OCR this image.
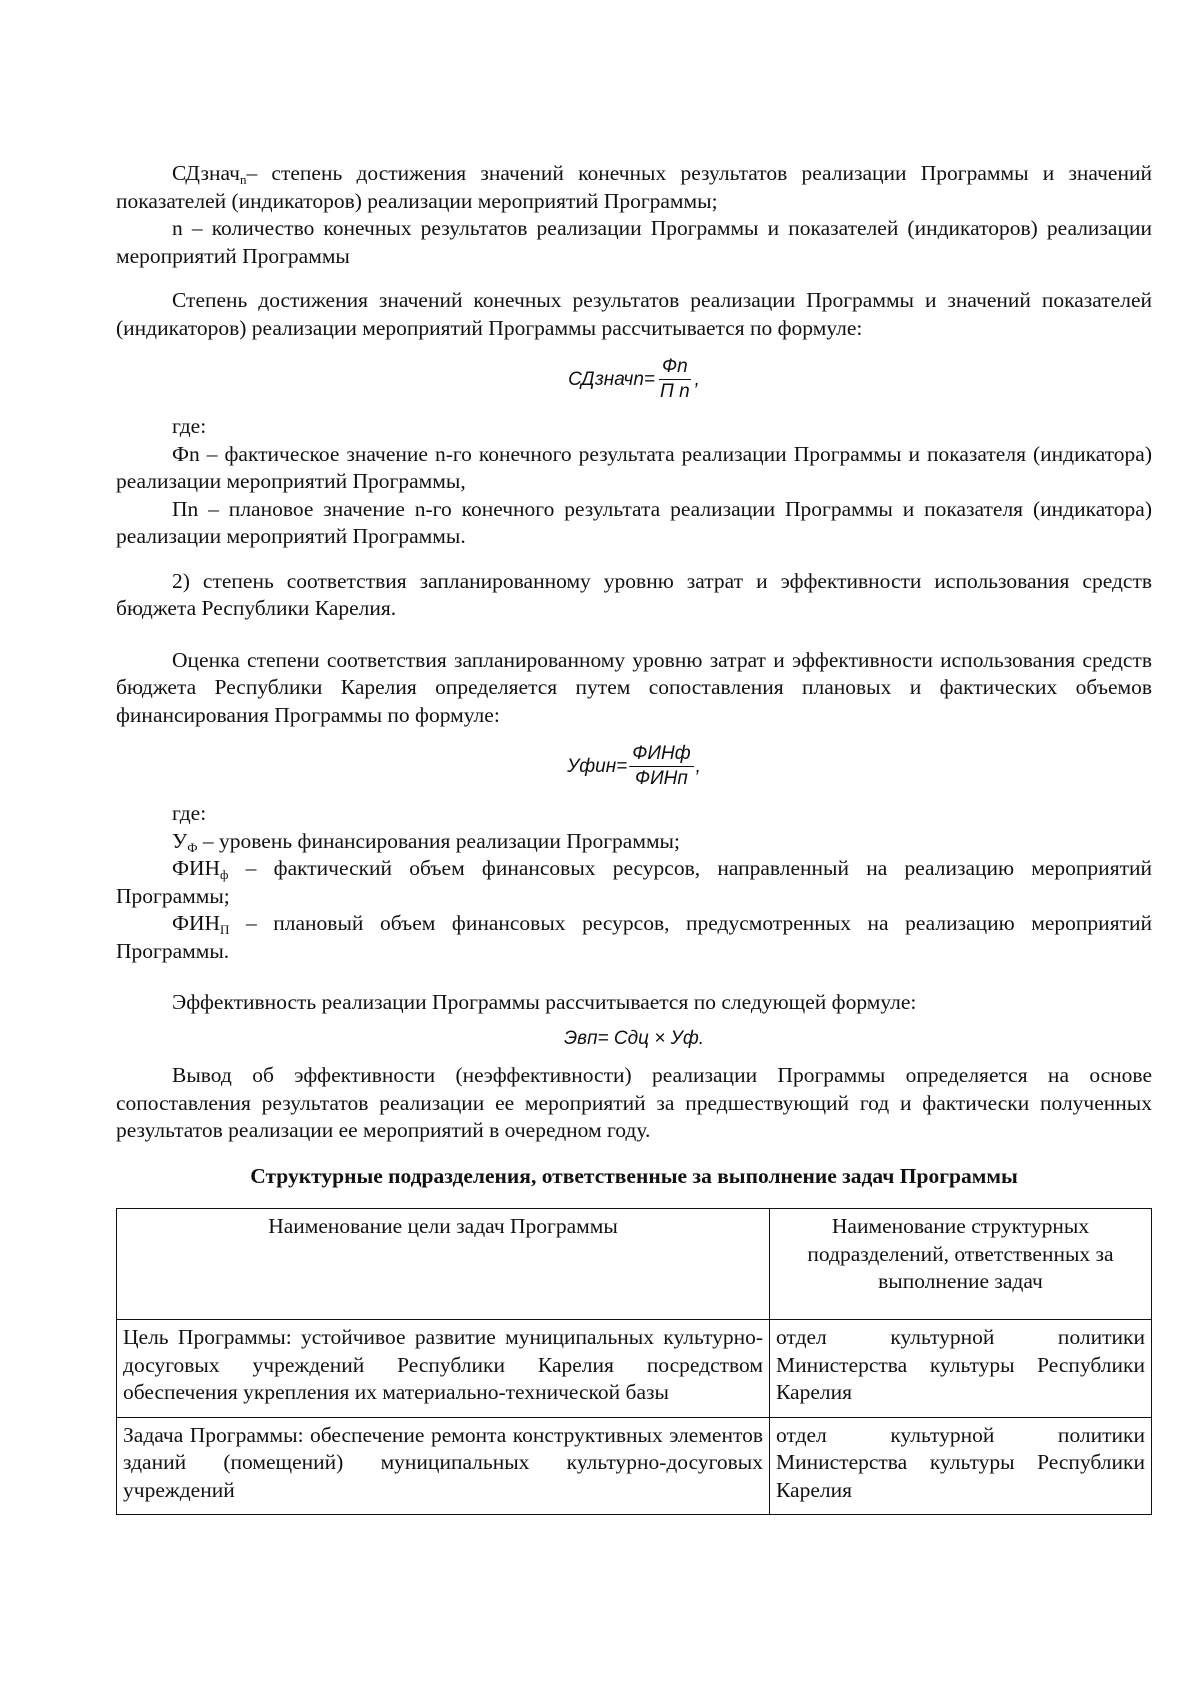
СДзнач$_n$– степень достижения значений конечных результатов реализации Программы и значений показателей (индикаторов) реализации мероприятий Программы;

n – количество конечных результатов реализации Программы и показателей (индикаторов) реализации мероприятий Программы

Степень достижения значений конечных результатов реализации Программы и значений показателей (индикаторов) реализации мероприятий Программы рассчитывается по формуле:

СДзначn= $\frac{Фn}{\text{П n}}$ ,

где:

Фn – фактическое значение n-го конечного результата реализации Программы и показателя (индикатора) реализации мероприятий Программы,

Пn – плановое значение n-го конечного результата реализации Программы и показателя (индикатора) реализации мероприятий Программы.

2) степень соответствия запланированному уровню затрат и эффективности использования средств бюджета Республики Карелия.

Оценка степени соответствия запланированному уровню затрат и эффективности использования средств бюджета Республики Карелия определяется путем сопоставления плановых и фактических объемов финансирования Программы по формуле:

Уфин= $\frac{\text{ФИНф}}{\text{ФИНп}}$ ,

где:

$У_Ф$ – уровень финансирования реализации Программы;

$ФИН_ф$ – фактический объем финансовых ресурсов, направленный на реализацию мероприятий Программы;

$ФИН_П$ – плановый объем финансовых ресурсов, предусмотренных на реализацию мероприятий Программы.

Эффективность реализации Программы рассчитывается по следующей формуле:

Эвп= Сдц × Уф .

Вывод об эффективности (неэффективности) реализации Программы определяется на основе сопоставления результатов реализации ее мероприятий за предшествующий год и фактически полученных результатов реализации ее мероприятий в очередном году.

Структурные подразделения, ответственные за выполнение задач Программы

Наименование цели задач Программы	Наименование структурных подразделений, ответственных за выполнение задач
Цель Программы: устойчивое развитие муниципальных культурно-досуговых учреждений Республики Карелия посредством обеспечения укрепления их материально-технической базы	отдел культурной политики Министерства культуры Республики Карелия
Задача Программы: обеспечение ремонта конструктивных элементов зданий (помещений) муниципальных культурно-досуговых учреждений	отдел культурной политики Министерства культуры Республики Карелия
